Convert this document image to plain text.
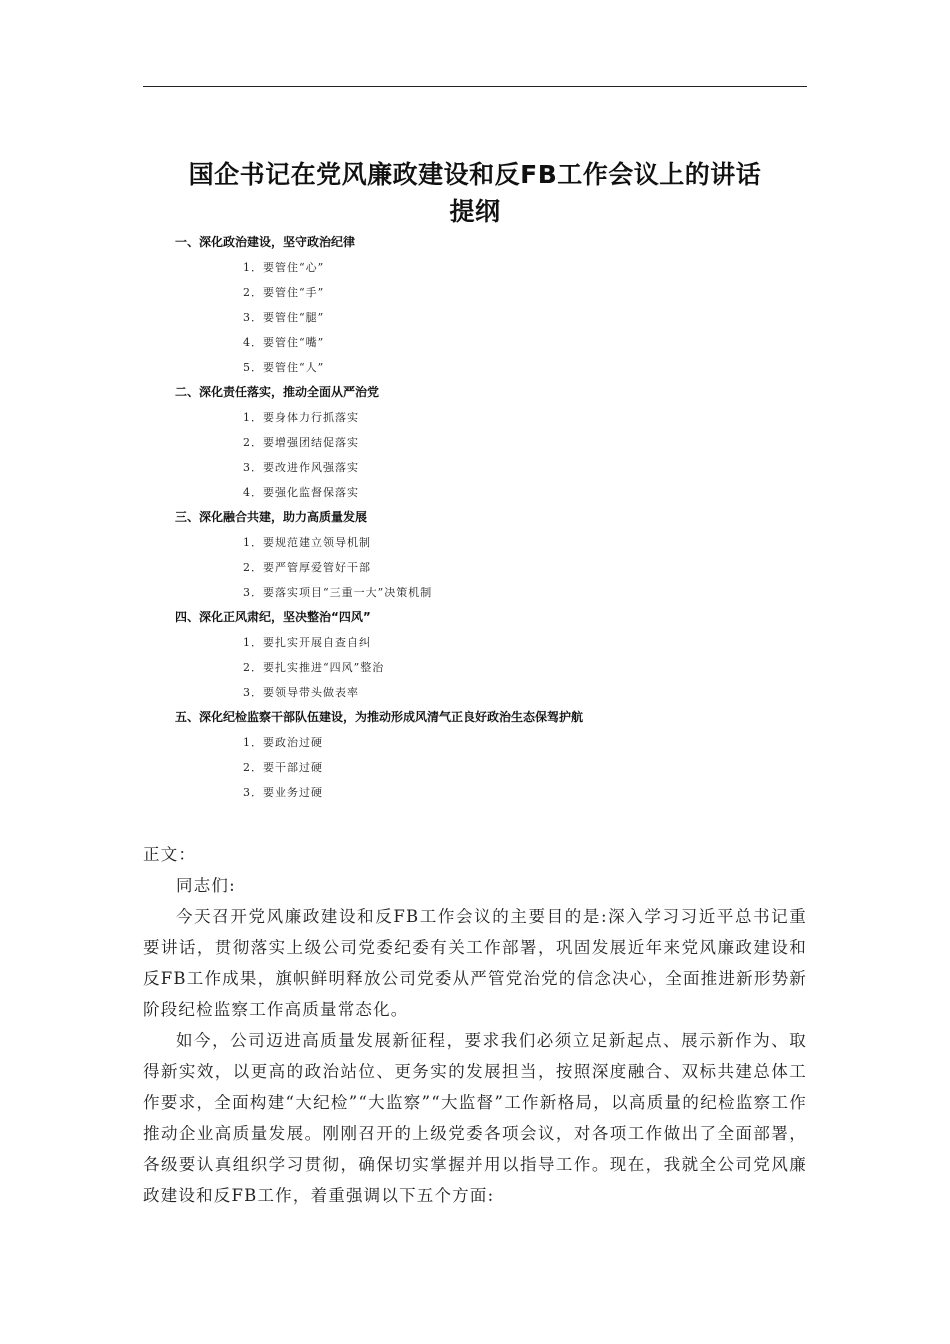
国企书记在党风廉政建设和反FB工作会议上的讲话
提纲
一、深化政治建设，坚守政治纪律
1．要管住“心”
2．要管住“手”
3．要管住“腿”
4．要管住“嘴”
5．要管住“人”
二、深化责任落实，推动全面从严治党
1．要身体力行抓落实
2．要增强团结促落实
3．要改进作风强落实
4．要强化监督保落实
三、深化融合共建，助力高质量发展
1．要规范建立领导机制
2．要严管厚爱管好干部
3．要落实项目“三重一大”决策机制
四、深化正风肃纪，坚决整治“四风”
1．要扎实开展自查自纠
2．要扎实推进“四风”整治
3．要领导带头做表率
五、深化纪检监察干部队伍建设，为推动形成风清气正良好政治生态保驾护航
1．要政治过硬
2．要干部过硬
3．要业务过硬

正文：

同志们:

今天召开党风廉政建设和反FB工作会议的主要目的是:深入学习习近平总书记重要讲话，贯彻落实上级公司党委纪委有关工作部署，巩固发展近年来党风廉政建设和反FB工作成果，旗帜鲜明释放公司党委从严管党治党的信念决心，全面推进新形势新阶段纪检监察工作高质量常态化。

如今，公司迈进高质量发展新征程，要求我们必须立足新起点、展示新作为、取得新实效，以更高的政治站位、更务实的发展担当，按照深度融合、双标共建总体工作要求，全面构建“大纪检”“大监察”“大监督”工作新格局，以高质量的纪检监察工作推动企业高质量发展。刚刚召开的上级党委各项会议，对各项工作做出了全面部署，各级要认真组织学习贯彻，确保切实掌握并用以指导工作。现在，我就全公司党风廉政建设和反FB工作，着重强调以下五个方面:
